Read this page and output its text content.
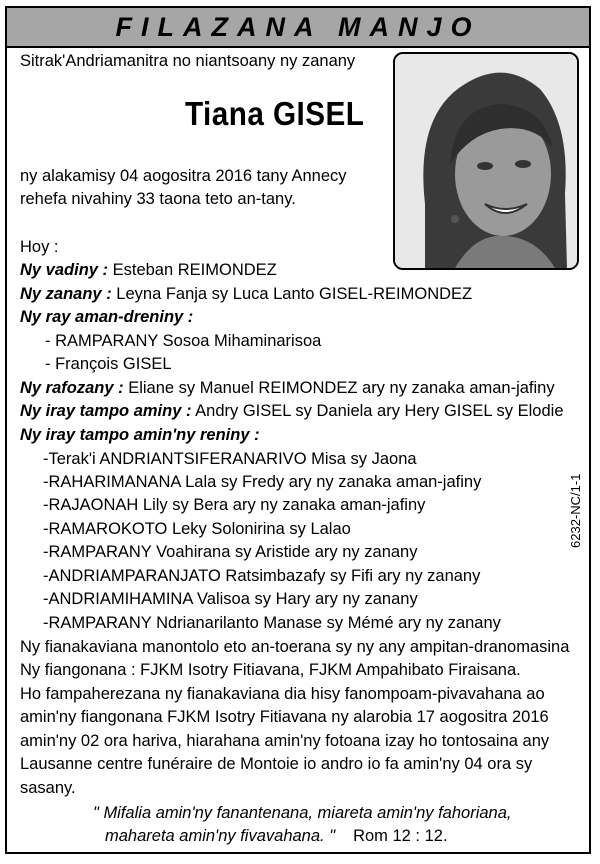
FILAZANA MANJO
Sitrak'Andriamanitra no niantsoany ny zanany
Tiana GISEL
ny alakamisy 04 aogositra 2016 tany Annecy
rehefa nivahiny 33 taona teto an-tany.
Hoy :
Ny vadiny : Esteban REIMONDEZ
Ny zanany : Leyna Fanja sy Luca Lanto GISEL-REIMONDEZ
Ny ray aman-dreniny :
- RAMPARANY Sosoa Mihaminarisoa
- François GISEL
Ny rafozany : Eliane sy Manuel REIMONDEZ ary ny zanaka aman-jafiny
Ny iray tampo aminy : Andry GISEL sy Daniela ary Hery GISEL sy Elodie
Ny iray tampo amin'ny reniny :
-Terak'i ANDRIANTSIFERANARIVO Misa sy Jaona
-RAHARIMANANA Lala sy Fredy ary ny zanaka aman-jafiny
-RAJAONAH Lily sy Bera ary ny zanaka aman-jafiny
-RAMAROKOTO Leky Solonirina sy Lalao
-RAMPARANY Voahirana sy Aristide ary ny zanany
-ANDRIAMPARANJATO Ratsimbazafy sy Fifi ary ny zanany
-ANDRIAMIHAMINA Valisoa sy Hary ary ny zanany
-RAMPARANY Ndrianarilanto Manase sy Mémé ary ny zanany
Ny fianakaviana manontolo eto an-toerana sy ny any ampitan-dranomasina
Ny fiangonana : FJKM Isotry Fitiavana, FJKM Ampahibato Firaisana.
Ho fampaherezana ny fianakaviana dia hisy fanompoam-pivavahana ao
amin'ny fiangonana FJKM Isotry Fitiavana ny alarobia 17 aogositra 2016
amin'ny 02 ora hariva, hiarahana amin'ny fotoana izay ho tontosaina any
Lausanne centre funéraire de Montoie io andro io fa amin'ny 04 ora sy
sasany.
" Mifalia amin'ny fanantenana, miareta amin'ny fahoriana,
mahareta amin'ny fivavahana. " Rom 12 : 12.
6232-NC/1-1
